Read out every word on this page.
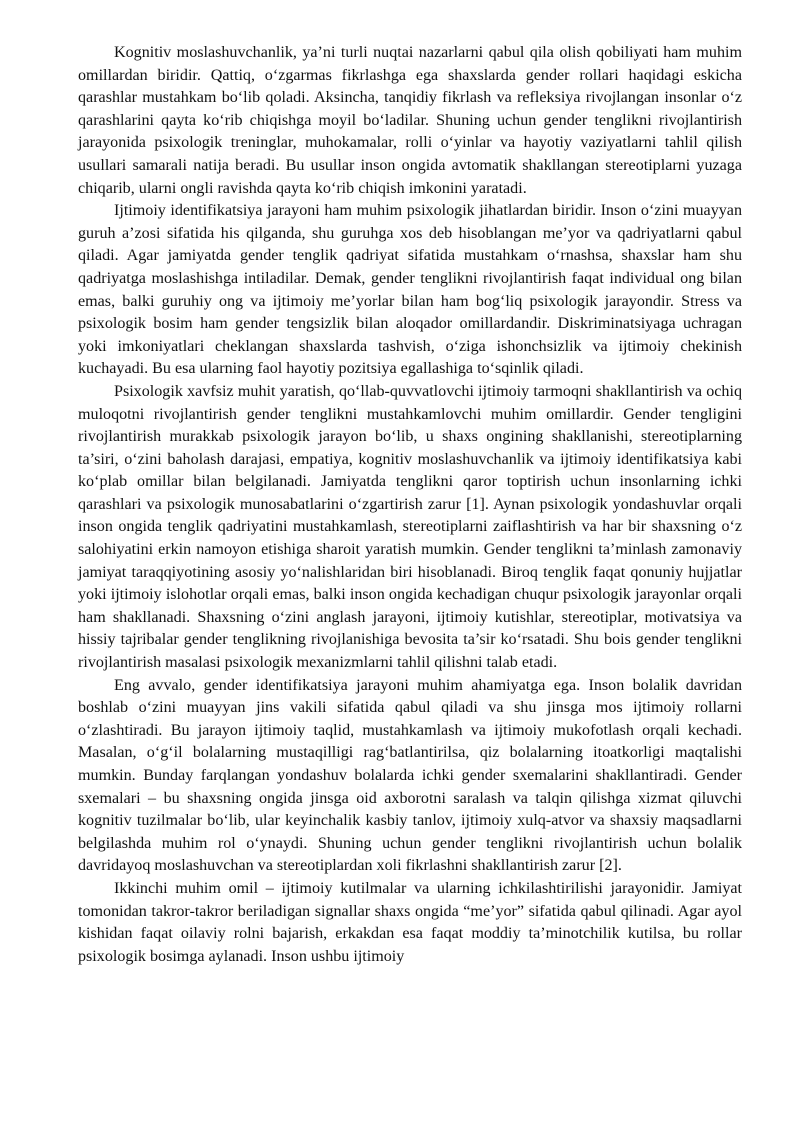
Kognitiv moslashuvchanlik, ya’ni turli nuqtai nazarlarni qabul qila olish qobiliyati ham muhim omillardan biridir. Qattiq, o‘zgarmas fikrlashga ega shaxslarda gender rollari haqidagi eskicha qarashlar mustahkam bo‘lib qoladi. Aksincha, tanqidiy fikrlash va refleksiya rivojlangan insonlar o‘z qarashlarini qayta ko‘rib chiqishga moyil bo‘ladilar. Shuning uchun gender tenglikni rivojlantirish jarayonida psixologik treninglar, muhokamalar, rolli o‘yinlar va hayotiy vaziyatlarni tahlil qilish usullari samarali natija beradi. Bu usullar inson ongida avtomatik shakllangan stereotiplarni yuzaga chiqarib, ularni ongli ravishda qayta ko‘rib chiqish imkonini yaratadi.

Ijtimoiy identifikatsiya jarayoni ham muhim psixologik jihatlardan biridir. Inson o‘zini muayyan guruh a’zosi sifatida his qilganda, shu guruhga xos deb hisoblangan me’yor va qadriyatlarni qabul qiladi. Agar jamiyatda gender tenglik qadriyat sifatida mustahkam o‘rnashsa, shaxslar ham shu qadriyatga moslashishga intiladilar. Demak, gender tenglikni rivojlantirish faqat individual ong bilan emas, balki guruhiy ong va ijtimoiy me’yorlar bilan ham bog‘liq psixologik jarayondir. Stress va psixologik bosim ham gender tengsizlik bilan aloqador omillardandir. Diskriminatsiyaga uchragan yoki imkoniyatlari cheklangan shaxslarda tashvish, o‘ziga ishonchsizlik va ijtimoiy chekinish kuchayadi. Bu esa ularning faol hayotiy pozitsiya egallashiga to‘sqinlik qiladi.

Psixologik xavfsiz muhit yaratish, qo‘llab-quvvatlovchi ijtimoiy tarmoqni shakllantirish va ochiq muloqotni rivojlantirish gender tenglikni mustahkamlovchi muhim omillardir. Gender tengligini rivojlantirish murakkab psixologik jarayon bo‘lib, u shaxs ongining shakllanishi, stereotiplarning ta’siri, o‘zini baholash darajasi, empatiya, kognitiv moslashuvchanlik va ijtimoiy identifikatsiya kabi ko‘plab omillar bilan belgilanadi. Jamiyatda tenglikni qaror toptirish uchun insonlarning ichki qarashlari va psixologik munosabatlarini o‘zgartirish zarur [1]. Aynan psixologik yondashuvlar orqali inson ongida tenglik qadriyatini mustahkamlash, stereotiplarni zaiflashtirish va har bir shaxsning o‘z salohiyatini erkin namoyon etishiga sharoit yaratish mumkin. Gender tenglikni ta’minlash zamonaviy jamiyat taraqqiyotining asosiy yo‘nalishlaridan biri hisoblanadi. Biroq tenglik faqat qonuniy hujjatlar yoki ijtimoiy islohotlar orqali emas, balki inson ongida kechadigan chuqur psixologik jarayonlar orqali ham shakllanadi. Shaxsning o‘zini anglash jarayoni, ijtimoiy kutishlar, stereotiplar, motivatsiya va hissiy tajribalar gender tenglikning rivojlanishiga bevosita ta’sir ko‘rsatadi. Shu bois gender tenglikni rivojlantirish masalasi psixologik mexanizmlarni tahlil qilishni talab etadi.

Eng avvalo, gender identifikatsiya jarayoni muhim ahamiyatga ega. Inson bolalik davridan boshlab o‘zini muayyan jins vakili sifatida qabul qiladi va shu jinsga mos ijtimoiy rollarni o‘zlashtiradi. Bu jarayon ijtimoiy taqlid, mustahkamlash va ijtimoiy mukofotlash orqali kechadi. Masalan, o‘g‘il bolalarning mustaqilligi rag‘batlantirilsa, qiz bolalarning itoatkorligi maqtalishi mumkin. Bunday farqlangan yondashuv bolalarda ichki gender sxemalarini shakllantiradi. Gender sxemalari – bu shaxsning ongida jinsga oid axborotni saralash va talqin qilishga xizmat qiluvchi kognitiv tuzilmalar bo‘lib, ular keyinchalik kasbiy tanlov, ijtimoiy xulq-atvor va shaxsiy maqsadlarni belgilashda muhim rol o‘ynaydi. Shuning uchun gender tenglikni rivojlantirish uchun bolalik davridayoq moslashuvchan va stereotiplardan xoli fikrlashni shakllantirish zarur [2].

Ikkinchi muhim omil – ijtimoiy kutilmalar va ularning ichkilashtirilishi jarayonidir. Jamiyat tomonidan takror-takror beriladigan signallar shaxs ongida “me’yor” sifatida qabul qilinadi. Agar ayol kishidan faqat oilaviy rolni bajarish, erkakdan esa faqat moddiy ta’minotchilik kutilsa, bu rollar psixologik bosimga aylanadi. Inson ushbu ijtimoiy
